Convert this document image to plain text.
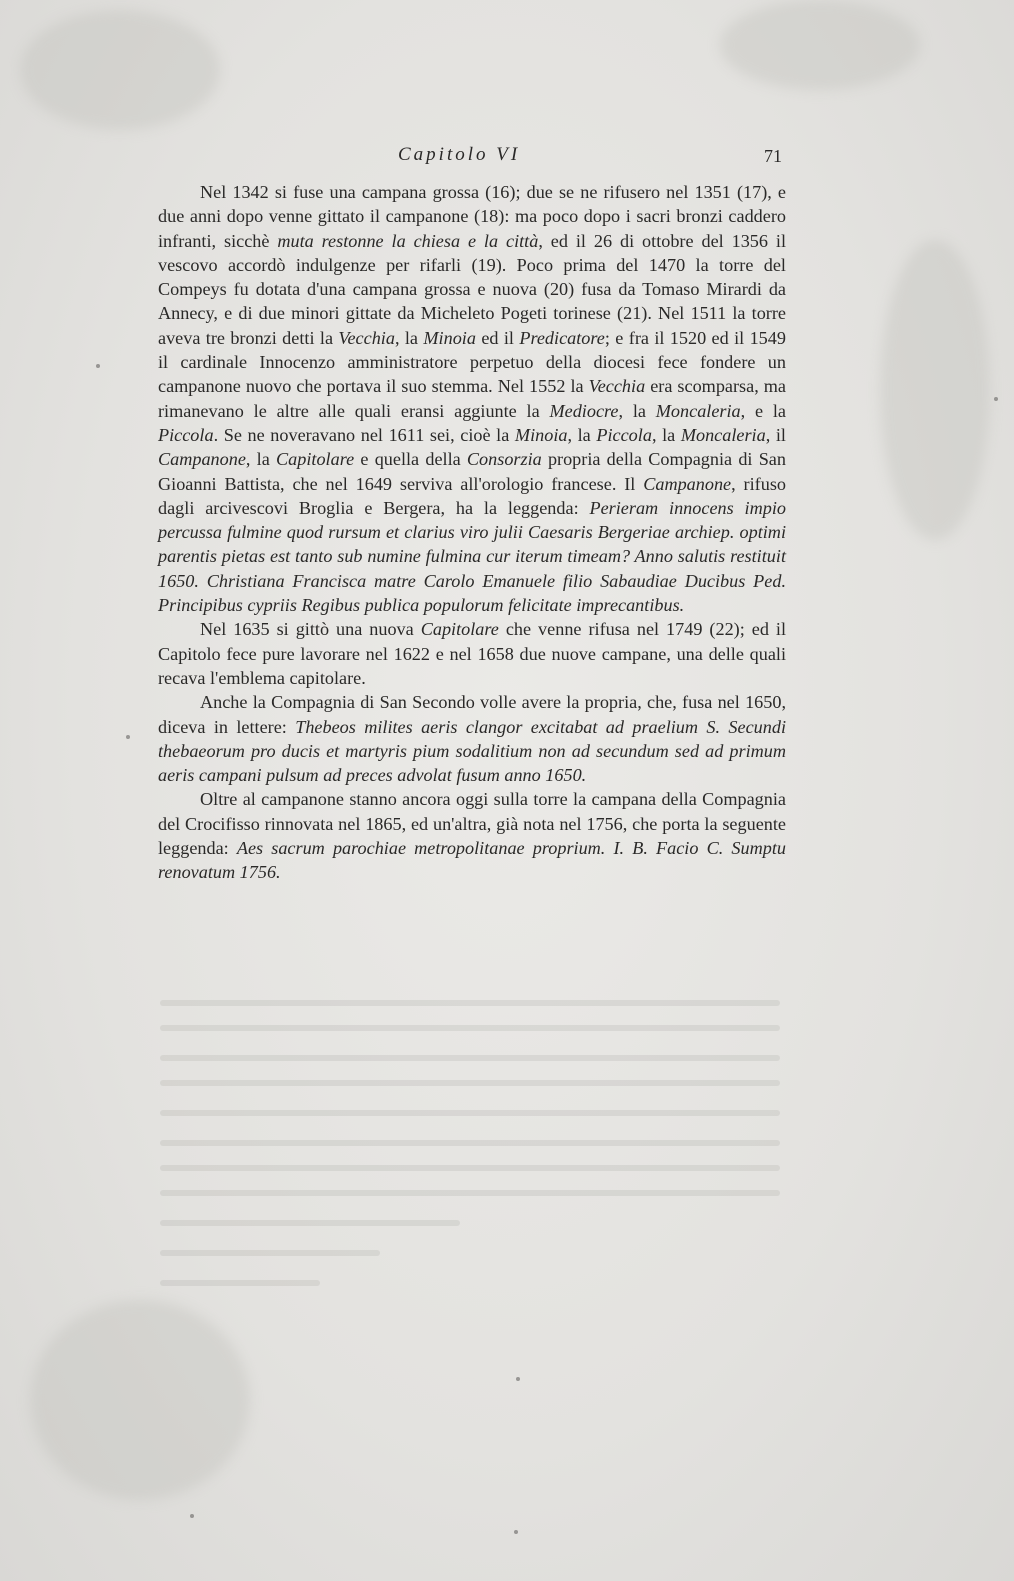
Capitolo VI	71

Nel 1342 si fuse una campana grossa (16); due se ne rifusero nel 1351 (17), e due anni dopo venne gittato il campanone (18): ma poco dopo i sacri bronzi caddero infranti, sicchè muta restonne la chiesa e la città, ed il 26 di ottobre del 1356 il vescovo accordò indulgenze per rifarli (19). Poco prima del 1470 la torre del Compeys fu dotata d'una campana grossa e nuova (20) fusa da Tomaso Mirardi da Annecy, e di due minori gittate da Micheleto Pogeti torinese (21). Nel 1511 la torre aveva tre bronzi detti la Vecchia, la Minoia ed il Predicatore; e fra il 1520 ed il 1549 il cardinale Innocenzo amministratore perpetuo della diocesi fece fondere un campanone nuovo che portava il suo stemma. Nel 1552 la Vecchia era scomparsa, ma rimanevano le altre alle quali eransi aggiunte la Mediocre, la Moncaleria, e la Piccola. Se ne noveravano nel 1611 sei, cioè la Minoia, la Piccola, la Moncaleria, il Campanone, la Capitolare e quella della Consorzia propria della Compagnia di San Gioanni Battista, che nel 1649 serviva all'orologio francese. Il Campanone, rifuso dagli arcivescovi Broglia e Bergera, ha la leggenda: Perieram innocens impio percussa fulmine quod rursum et clarius viro julii Caesaris Bergeriae archiep. optimi parentis pietas est tanto sub numine fulmina cur iterum timeam? Anno salutis restituit 1650. Christiana Francisca matre Carolo Emanuele filio Sabaudiae Ducibus Ped. Principibus cypriis Regibus publica populorum felicitate imprecantibus.

Nel 1635 si gittò una nuova Capitolare che venne rifusa nel 1749 (22); ed il Capitolo fece pure lavorare nel 1622 e nel 1658 due nuove campane, una delle quali recava l'emblema capitolare.

Anche la Compagnia di San Secondo volle avere la propria, che, fusa nel 1650, diceva in lettere: Thebeos milites aeris clangor excitabat ad praelium S. Secundi thebaeorum pro ducis et martyris pium sodalitium non ad secundum sed ad primum aeris campani pulsum ad preces advolat fusum anno 1650.

Oltre al campanone stanno ancora oggi sulla torre la campana della Compagnia del Crocifisso rinnovata nel 1865, ed un'altra, già nota nel 1756, che porta la seguente leggenda: Aes sacrum parochiae metropolitanae proprium. I. B. Facio C. Sumptu renovatum 1756.
